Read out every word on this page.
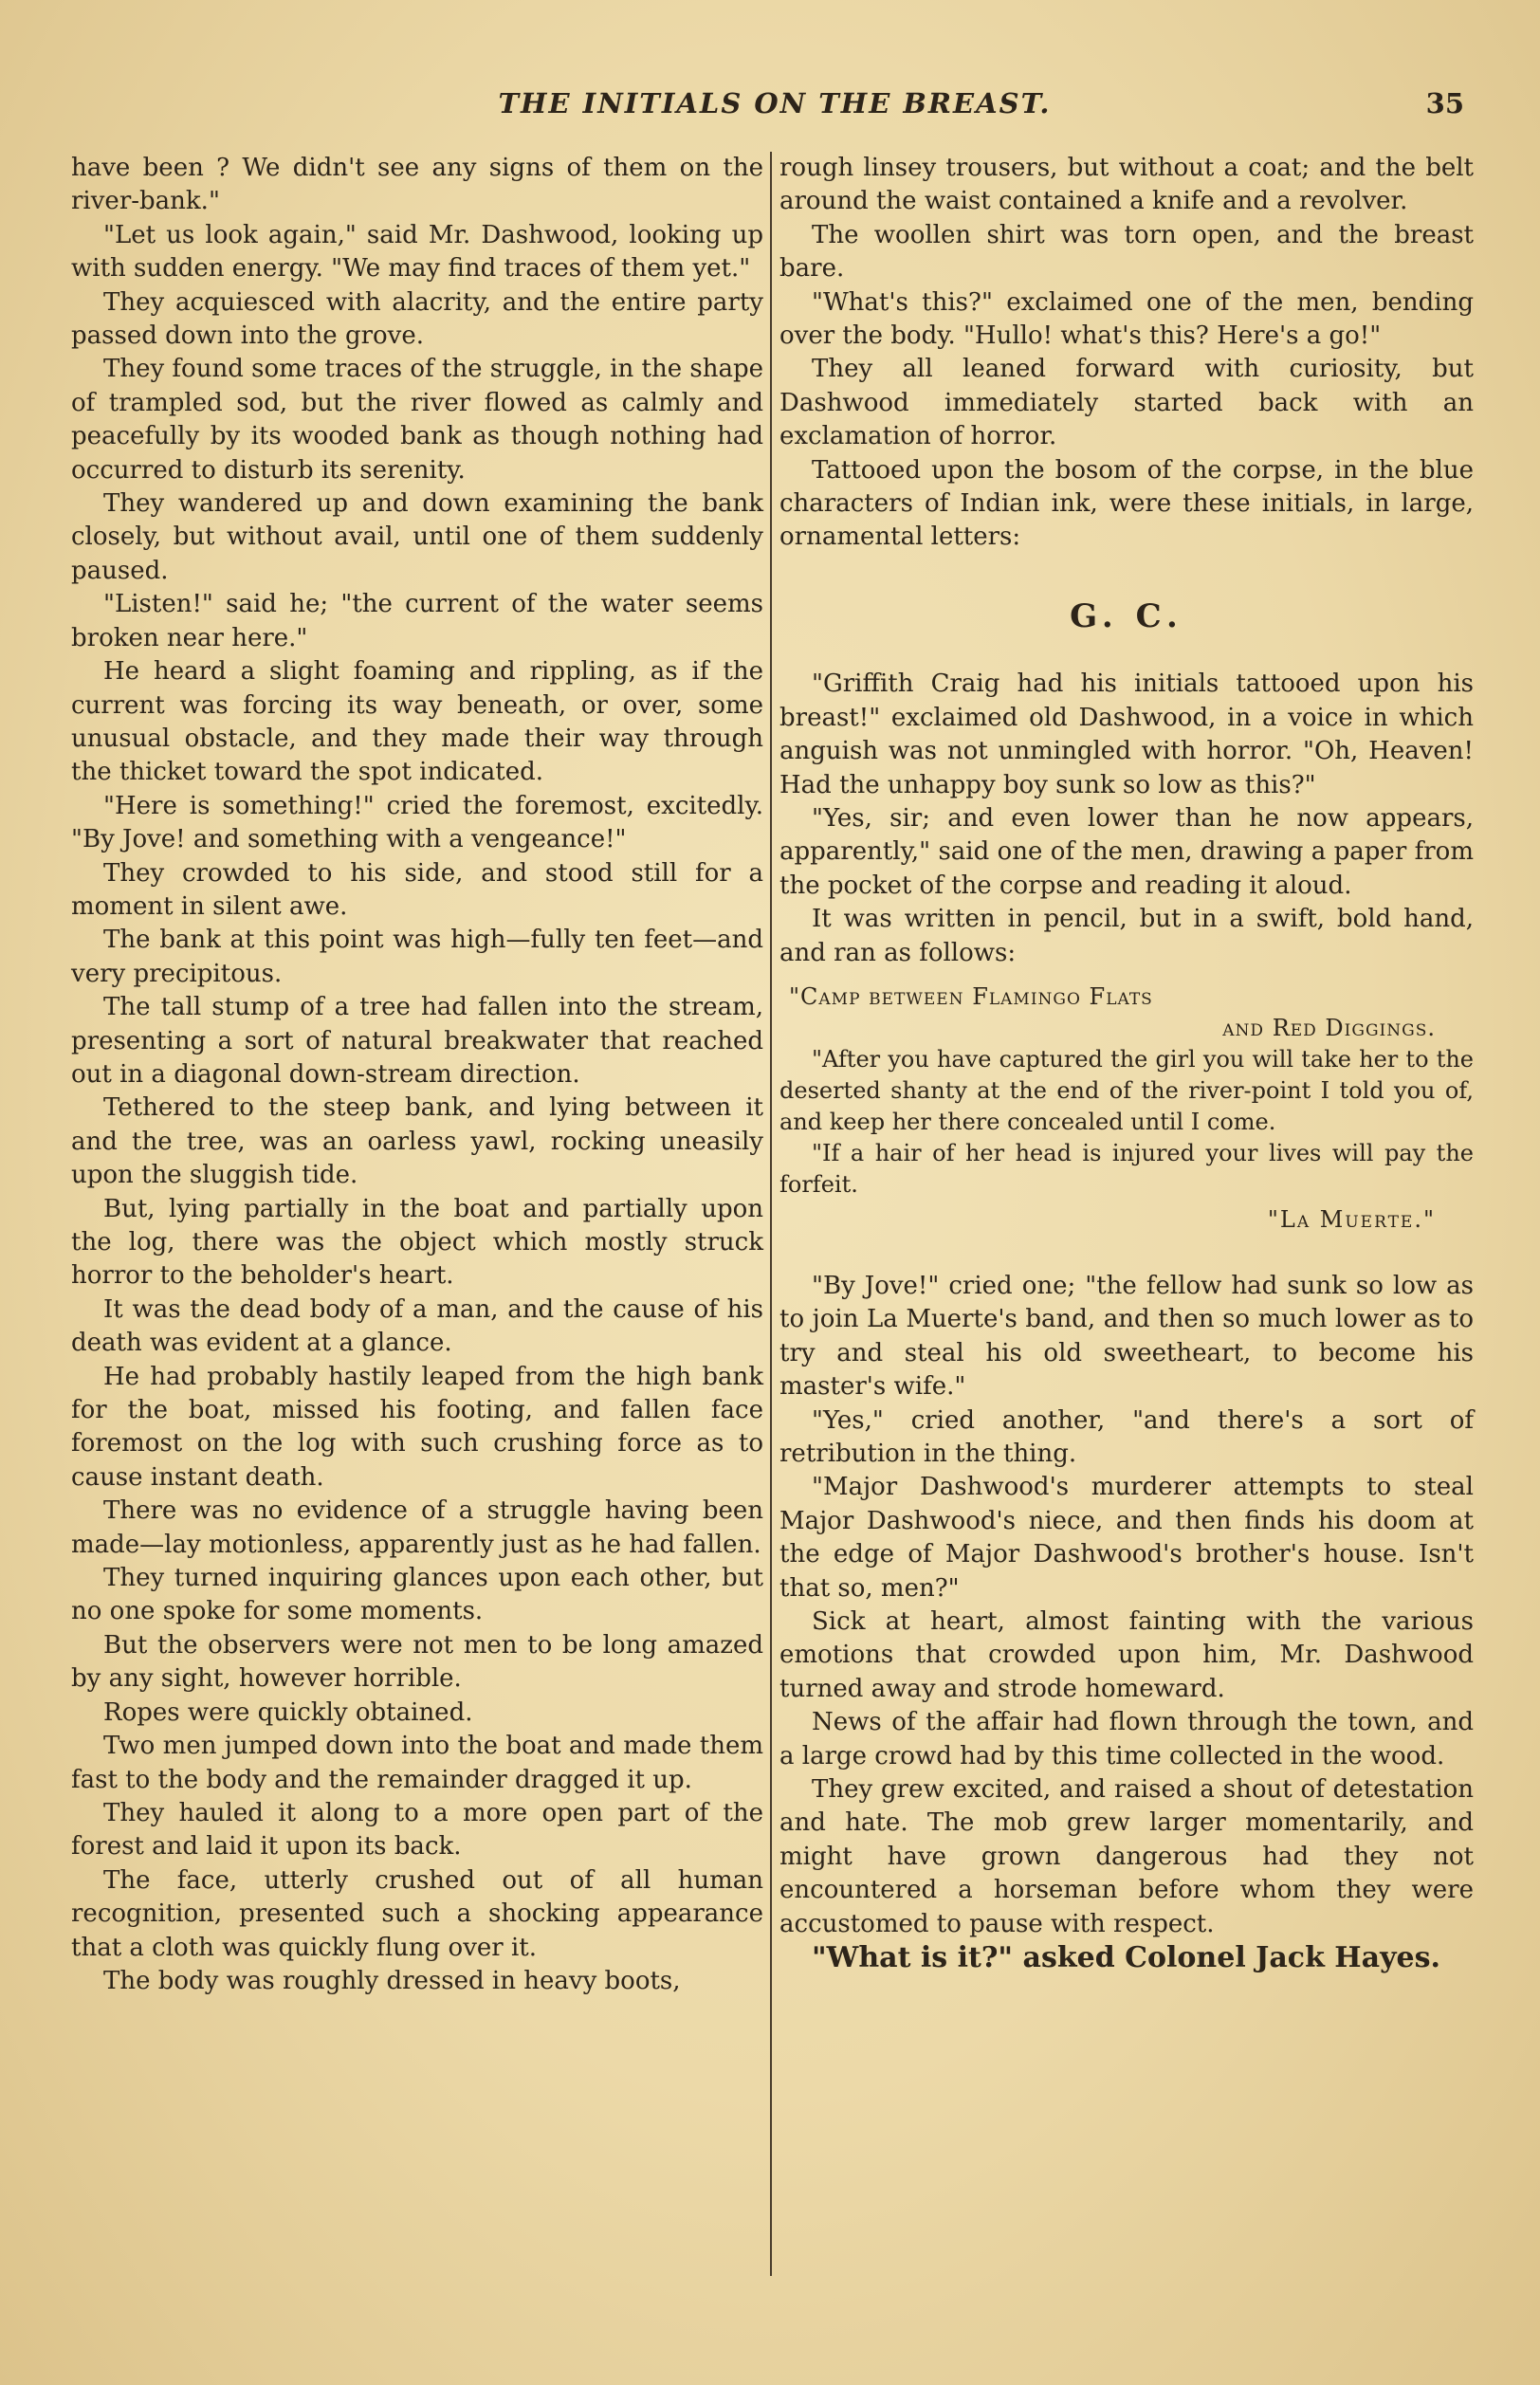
THE INITIALS ON THE BREAST.	35

have been ? We didn't see any signs of them on the river-bank."

"Let us look again," said Mr. Dashwood, looking up with sudden energy. "We may find traces of them yet."

They acquiesced with alacrity, and the entire party passed down into the grove.

They found some traces of the struggle, in the shape of trampled sod, but the river flowed as calmly and peacefully by its wooded bank as though nothing had occurred to disturb its serenity.

They wandered up and down examining the bank closely, but without avail, until one of them suddenly paused.

"Listen!" said he; "the current of the water seems broken near here."

He heard a slight foaming and rippling, as if the current was forcing its way beneath, or over, some unusual obstacle, and they made their way through the thicket toward the spot indicated.

"Here is something!" cried the foremost, excitedly. "By Jove! and something with a vengeance!"

They crowded to his side, and stood still for a moment in silent awe.

The bank at this point was high—fully ten feet—and very precipitous.

The tall stump of a tree had fallen into the stream, presenting a sort of natural breakwater that reached out in a diagonal down-stream direction.

Tethered to the steep bank, and lying between it and the tree, was an oarless yawl, rocking uneasily upon the sluggish tide.

But, lying partially in the boat and partially upon the log, there was the object which mostly struck horror to the beholder's heart.

It was the dead body of a man, and the cause of his death was evident at a glance.

He had probably hastily leaped from the high bank for the boat, missed his footing, and fallen face foremost on the log with such crushing force as to cause instant death.

There was no evidence of a struggle having been made—lay motionless, apparently just as he had fallen.

They turned inquiring glances upon each other, but no one spoke for some moments.

But the observers were not men to be long amazed by any sight, however horrible.

Ropes were quickly obtained.

Two men jumped down into the boat and made them fast to the body and the remainder dragged it up.

They hauled it along to a more open part of the forest and laid it upon its back.

The face, utterly crushed out of all human recognition, presented such a shocking appearance that a cloth was quickly flung over it.

The body was roughly dressed in heavy boots,

rough linsey trousers, but without a coat; and the belt around the waist contained a knife and a revolver.

The woollen shirt was torn open, and the breast bare.

"What's this?" exclaimed one of the men, bending over the body. "Hullo! what's this? Here's a go!"

They all leaned forward with curiosity, but Dashwood immediately started back with an exclamation of horror.

Tattooed upon the bosom of the corpse, in the blue characters of Indian ink, were these initials, in large, ornamental letters:

G. C.

"Griffith Craig had his initials tattooed upon his breast!" exclaimed old Dashwood, in a voice in which anguish was not unmingled with horror. "Oh, Heaven! Had the unhappy boy sunk so low as this?"

"Yes, sir; and even lower than he now appears, apparently," said one of the men, drawing a paper from the pocket of the corpse and reading it aloud.

It was written in pencil, but in a swift, bold hand, and ran as follows:

"Camp between Flamingo Flats

and Red Diggings.

"After you have captured the girl you will take her to the deserted shanty at the end of the river-point I told you of, and keep her there concealed until I come.

"If a hair of her head is injured your lives will pay the forfeit.

"La Muerte."

"By Jove!" cried one; "the fellow had sunk so low as to join La Muerte's band, and then so much lower as to try and steal his old sweetheart, to become his master's wife."

"Yes," cried another, "and there's a sort of retribution in the thing.

"Major Dashwood's murderer attempts to steal Major Dashwood's niece, and then finds his doom at the edge of Major Dashwood's brother's house. Isn't that so, men?"

Sick at heart, almost fainting with the various emotions that crowded upon him, Mr. Dashwood turned away and strode homeward.

News of the affair had flown through the town, and a large crowd had by this time collected in the wood.

They grew excited, and raised a shout of detestation and hate. The mob grew larger momentarily, and might have grown dangerous had they not encountered a horseman before whom they were accustomed to pause with respect.

"What is it?" asked Colonel Jack Hayes.
